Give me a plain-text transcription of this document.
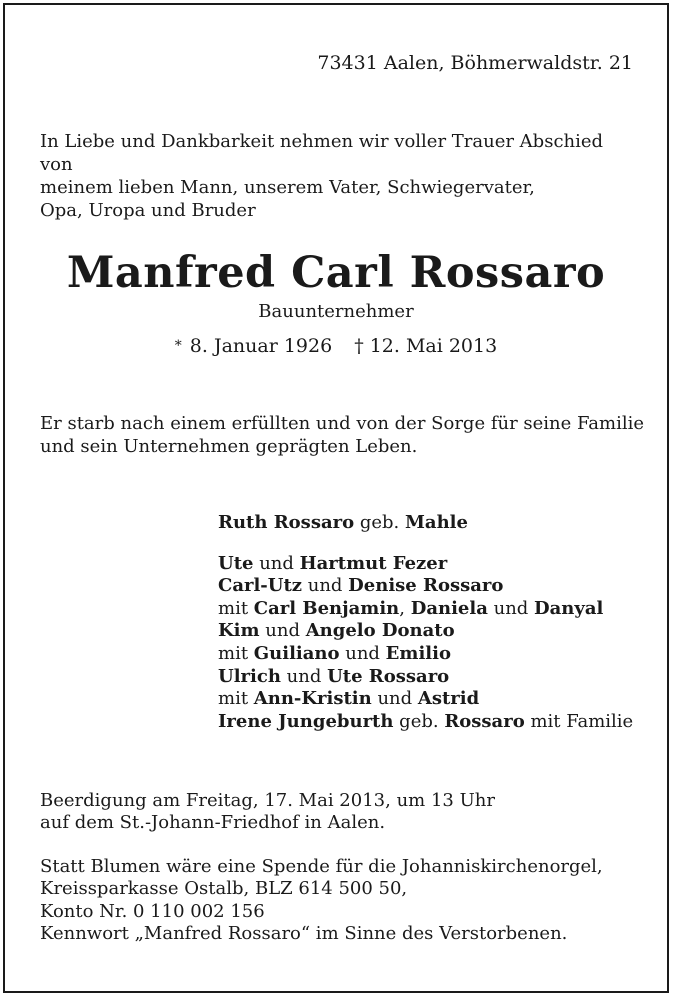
73431 Aalen, Böhmerwaldstr. 21
In Liebe und Dankbarkeit nehmen wir voller Trauer Abschied von
meinem lieben Mann, unserem Vater, Schwiegervater,
Opa, Uropa und Bruder
Manfred Carl Rossaro
Bauunternehmer
* 8. Januar 1926 † 12. Mai 2013
Er starb nach einem erfüllten und von der Sorge für seine Familie
und sein Unternehmen geprägten Leben.
Ruth Rossaro geb. Mahle
Ute und Hartmut Fezer
Carl-Utz und Denise Rossaro
mit Carl Benjamin, Daniela und Danyal
Kim und Angelo Donato
mit Guiliano und Emilio
Ulrich und Ute Rossaro
mit Ann-Kristin und Astrid
Irene Jungeburth geb. Rossaro mit Familie
Beerdigung am Freitag, 17. Mai 2013, um 13 Uhr
auf dem St.-Johann-Friedhof in Aalen.
Statt Blumen wäre eine Spende für die Johanniskirchenorgel,
Kreissparkasse Ostalb, BLZ 614 500 50,
Konto Nr. 0 110 002 156
Kennwort „Manfred Rossaro“ im Sinne des Verstorbenen.
